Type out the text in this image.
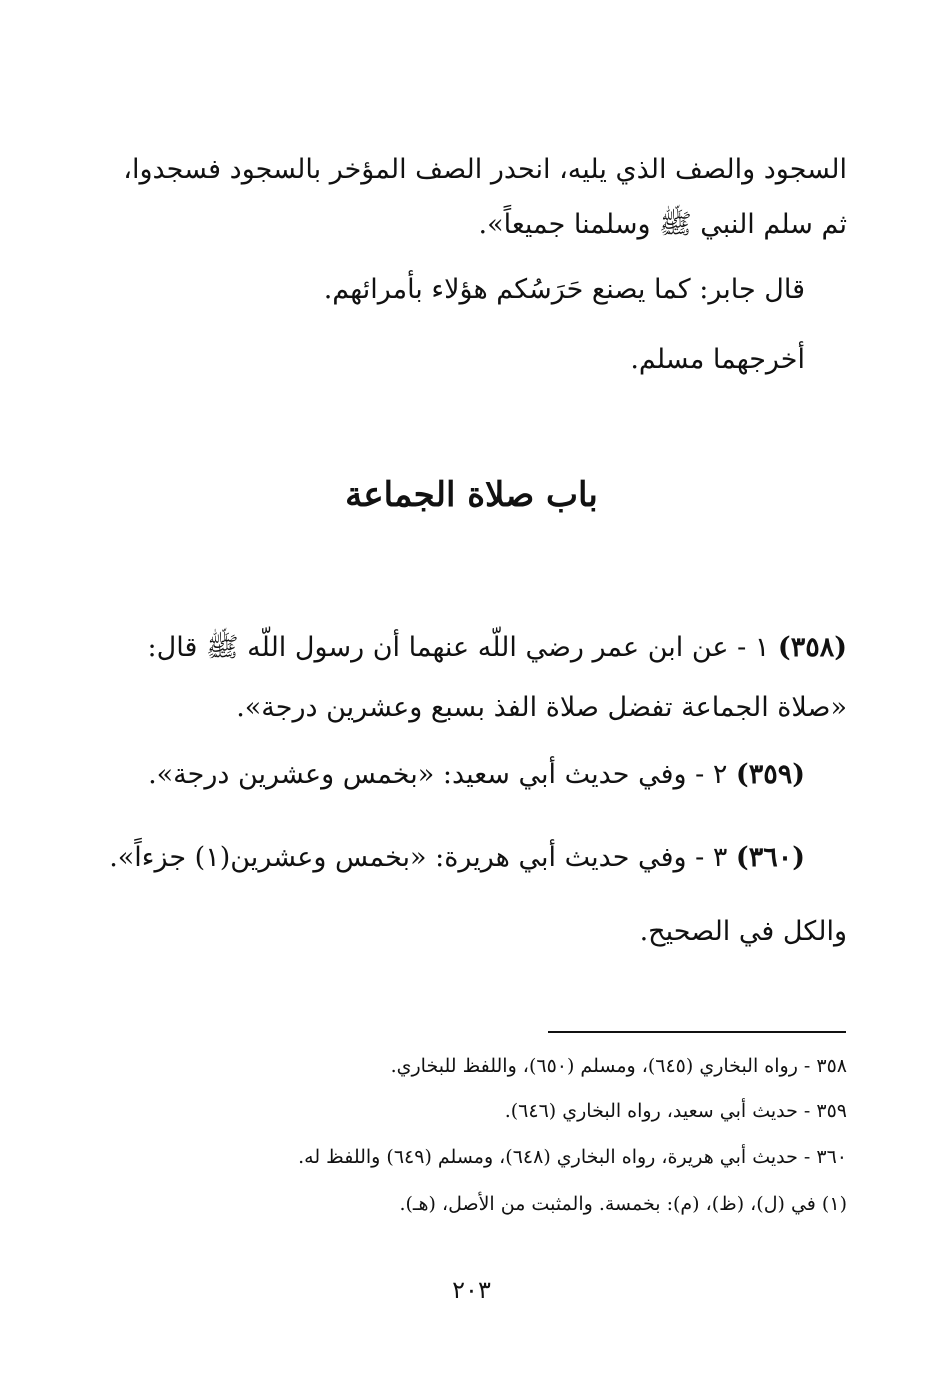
السجود والصف الذي يليه، انحدر الصف المؤخر بالسجود فسجدوا،
ثم سلم النبي ﷺ وسلمنا جميعاً».
قال جابر: كما يصنع حَرَسُكم هؤلاء بأمرائهم.
أخرجهما مسلم.
باب صلاة الجماعة
(٣٥٨) ١ - عن ابن عمر رضي اللّه عنهما أن رسول اللّه ﷺ قال:
«صلاة الجماعة تفضل صلاة الفذ بسبع وعشرين درجة».
(٣٥٩) ٢ - وفي حديث أبي سعيد: «بخمس وعشرين درجة».
(٣٦٠) ٣ - وفي حديث أبي هريرة: «بخمس وعشرين(١) جزءاً».
والكل في الصحيح.
٣٥٨ - رواه البخاري (٦٤٥)، ومسلم (٦٥٠)، واللفظ للبخاري.
٣٥٩ - حديث أبي سعيد، رواه البخاري (٦٤٦).
٣٦٠ - حديث أبي هريرة، رواه البخاري (٦٤٨)، ومسلم (٦٤٩) واللفظ له.
(١) في (ل)، (ظ)، (م): بخمسة. والمثبت من الأصل، (هـ).
٢٠٣
